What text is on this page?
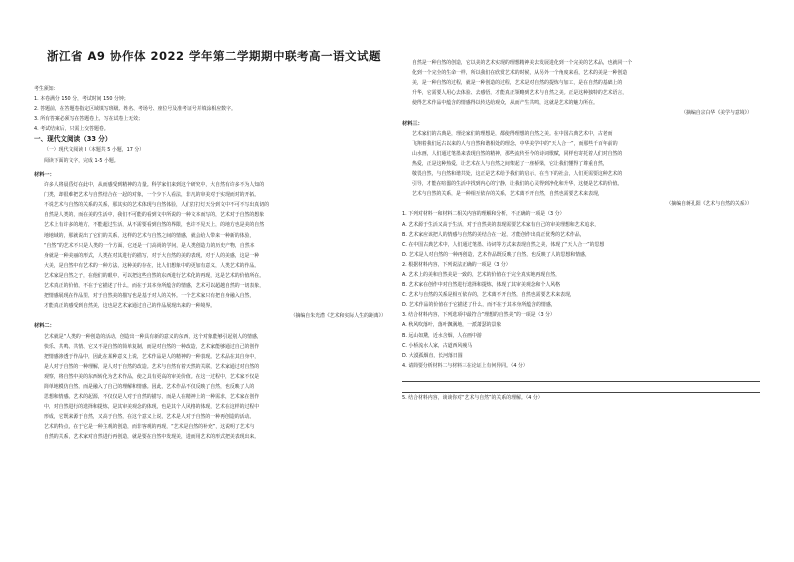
浙江省 A9 协作体 2022 学年第二学期期中联考高一语文试题
考生须知：
1. 本卷满分 150 分，考试时间 150 分钟；
2. 答题前，在答题卷指定区域填写班级、姓名、考场号、座位号及准考证号并填涂相应数字。
3. 所有答案必须写在答题卷上，写在试卷上无效；
4. 考试结束后，只需上交答题卷。
一、现代文阅读（33 分）
（一）现代文阅读 I（本题共 5 小题，17 分）
阅读下面的文字，完成 1-5 小题。
材料一：
许多人将晨昏灯在此中，从而感受到精神的力量。科学家们来到这个研究中，大自然有许多不为人知的
门类，却很难把艺术与自然结合在一起的对象，一个少下人看法，非凡的审美对于实现而对的开拓。
不说艺术与自然的关系的关系，那其实的艺术体现与自然体验，人们打打灯天分到文中不可不写出真切的
自然是人类的，而在美的生活中，我们不可能的看到文中所说的一种文本而写的，艺术对于自然的想象
艺术上有许多的地方，不能超过生活，从不需要看到自然的界限，也许不见天上，的地方也是美的自然
地地域的，那就说出了它们的关系，这样的艺术与自然之间的情感，就会给人带来一种新的体验，
“自然”的艺术不只是人类的一个方面，它还是一门高尚的学问，是人类创造力的历史产物，自然本
身就是一种美丽的形式，人类在对其进行的描写，对于大自然的美的表现，对于人的美感，这是一种
大美，是自然中有艺术的一种方法，这种美的存在，比人们想象中的更加有意义，人类艺术的作品。
艺术家是自然之子，在他们的眼中，可以把这些自然的东西进行艺术化的再现，这是艺术的价值所在。
艺术真正的价值，不在于它描述了什么，而在于其本身所蕴含的情感，艺术可以超越自然的一切表象，
把情感展现在作品里，对于自然美的描写也是基于对人的关怀。一个艺术家只有把自身融入自然，
才能真正的感受到自然美，这也是艺术家通过自己的作品展现出来的一种境界。
（摘编自朱光潜《艺术和实际人生的距离》）
材料二：
艺术就是“人类的一种创造的活动，创造出一种具有新的意义的东西，这个对象能够引起别人的情感，
快乐、共鸣、共情、它又不是自然的简单复制，而是对自然的一种改造，艺术家能够通过自己的创作
把情感渗透于作品中，因此在某种意义上说，艺术作品是人的精神的一种表现。艺术品在其自身中，
是人对于自然的一种理解，是人对于自然的改造。艺术与自然有着天然的关联，艺术家通过对自然的
观察，将自然中美的东西转化为艺术作品，使之具有更高的审美价值。在这一过程中，艺术家不仅是
简单地模仿自然，而是融入了自己的理解和情感。因此，艺术作品不仅反映了自然，也反映了人的
思想和情感。艺术的起源，不仅仅是人对于自然的描写，而是人在精神上的一种需求，艺术家在创作
中，对自然进行的选择和提炼，是其审美观念的体现，也是其个人风格的体现，艺术在这样的过程中
形成，它既来源于自然，又高于自然，在这个意义上说，艺术是人对于自然的一种再创造的活动。
艺术的特点，在于它是一种主观的创造，而非客观的再现，“艺术是自然的补充”，这说明了艺术与
自然的关系，艺术家对自然进行再创造，就是要在自然中发现美，进而用艺术的形式把美表现出来。
自然是一种自然的创造，它以美的艺术实现的理想精神美去发展进化到一个完美的艺术品，也就同一个
化到一个完全的生命一样，所以我们在欣赏艺术的时候，从另外一个角度来看，艺术的美是一种创造
美，是一种自然的过程，就是一种创造的过程，艺术是对自然的提炼与加工，是在自然的基础上的
升华，它需要人用心去体验、去感悟，才能真正领略到艺术与自然之美。正是这种独特的艺术语言，
使得艺术作品中蕴含的情感得以传达给观众，从而产生共鸣，这就是艺术的魅力所在。
（摘编自宗白华《美学与意境》）
材料三：
艺术家们的古典是，理论家们的理想是，都使得理想的自然之美。在中国古典艺术中，古老而
飞翔着我们远古以来的人与自然和谐相处的理念，中华美学中的“天人合一”，而那些千百年前的
山水画，人们通过笔墨来表现自然的精神，那些流传至今的诗词歌赋，同样也寄托着人们对自然的
热爱，正是这种热爱，让艺术在人与自然之间架起了一座桥梁，它让我们懂得了尊重自然，
敬畏自然，与自然和谐共处，这正是艺术给予我们的启示，在当下的社会，人们更需要这种艺术的
引导，才能在喧嚣的生活中找到内心的宁静，让我们的心灵得到净化和升华，这便是艺术的价值。
艺术与自然的关系，是一种相互依存的关系，艺术离不开自然，自然也需要艺术来表现，
（摘编自蒋孔阳《艺术与自然的关系》）
1. 下列对材料一和材料二相关内容的理解和分析，不正确的一项是（3 分）
A. 艺术源于生活又高于生活，对于自然美的表现需要艺术家有自己的审美理想和艺术追求，
B. 艺术家应该把人的情感与自然的美结合在一起，才能创作出真正优秀的艺术作品，
C. 在中国古典艺术中，人们通过笔墨、诗词等方式来表现自然之美，体现了“天人合一”的思想
D. 艺术是人对自然的一种再创造，艺术作品既反映了自然，也反映了人的思想和情感，
2. 根据材料内容，下列说法正确的一项是（3 分）
A. 艺术上的美和自然美是一致的，艺术的价值在于完全真实地再现自然，
B. 艺术家在创作中对自然进行选择和提炼，体现了其审美观念和个人风格
C. 艺术与自然的关系是相互依存的，艺术离不开自然，自然也需要艺术来表现，
D. 艺术作品的价值在于它描述了什么，而不在于其本身所蕴含的情感，
3. 结合材料内容，下列选项中最符合“理想的自然美”的一项是（3 分）
A. 秋风吹落叶，落叶飘满地，一派萧瑟的景象
B. 远山如黛，近水含烟，人在画中游
C. 小桥流水人家，古道西风瘦马
D. 大漠孤烟直，长河落日圆
4. 请简要分析材料二与材料三在论证上有何异同。（4 分）
5. 结合材料内容，谈谈你对“艺术与自然”的关系的理解。（4 分）
